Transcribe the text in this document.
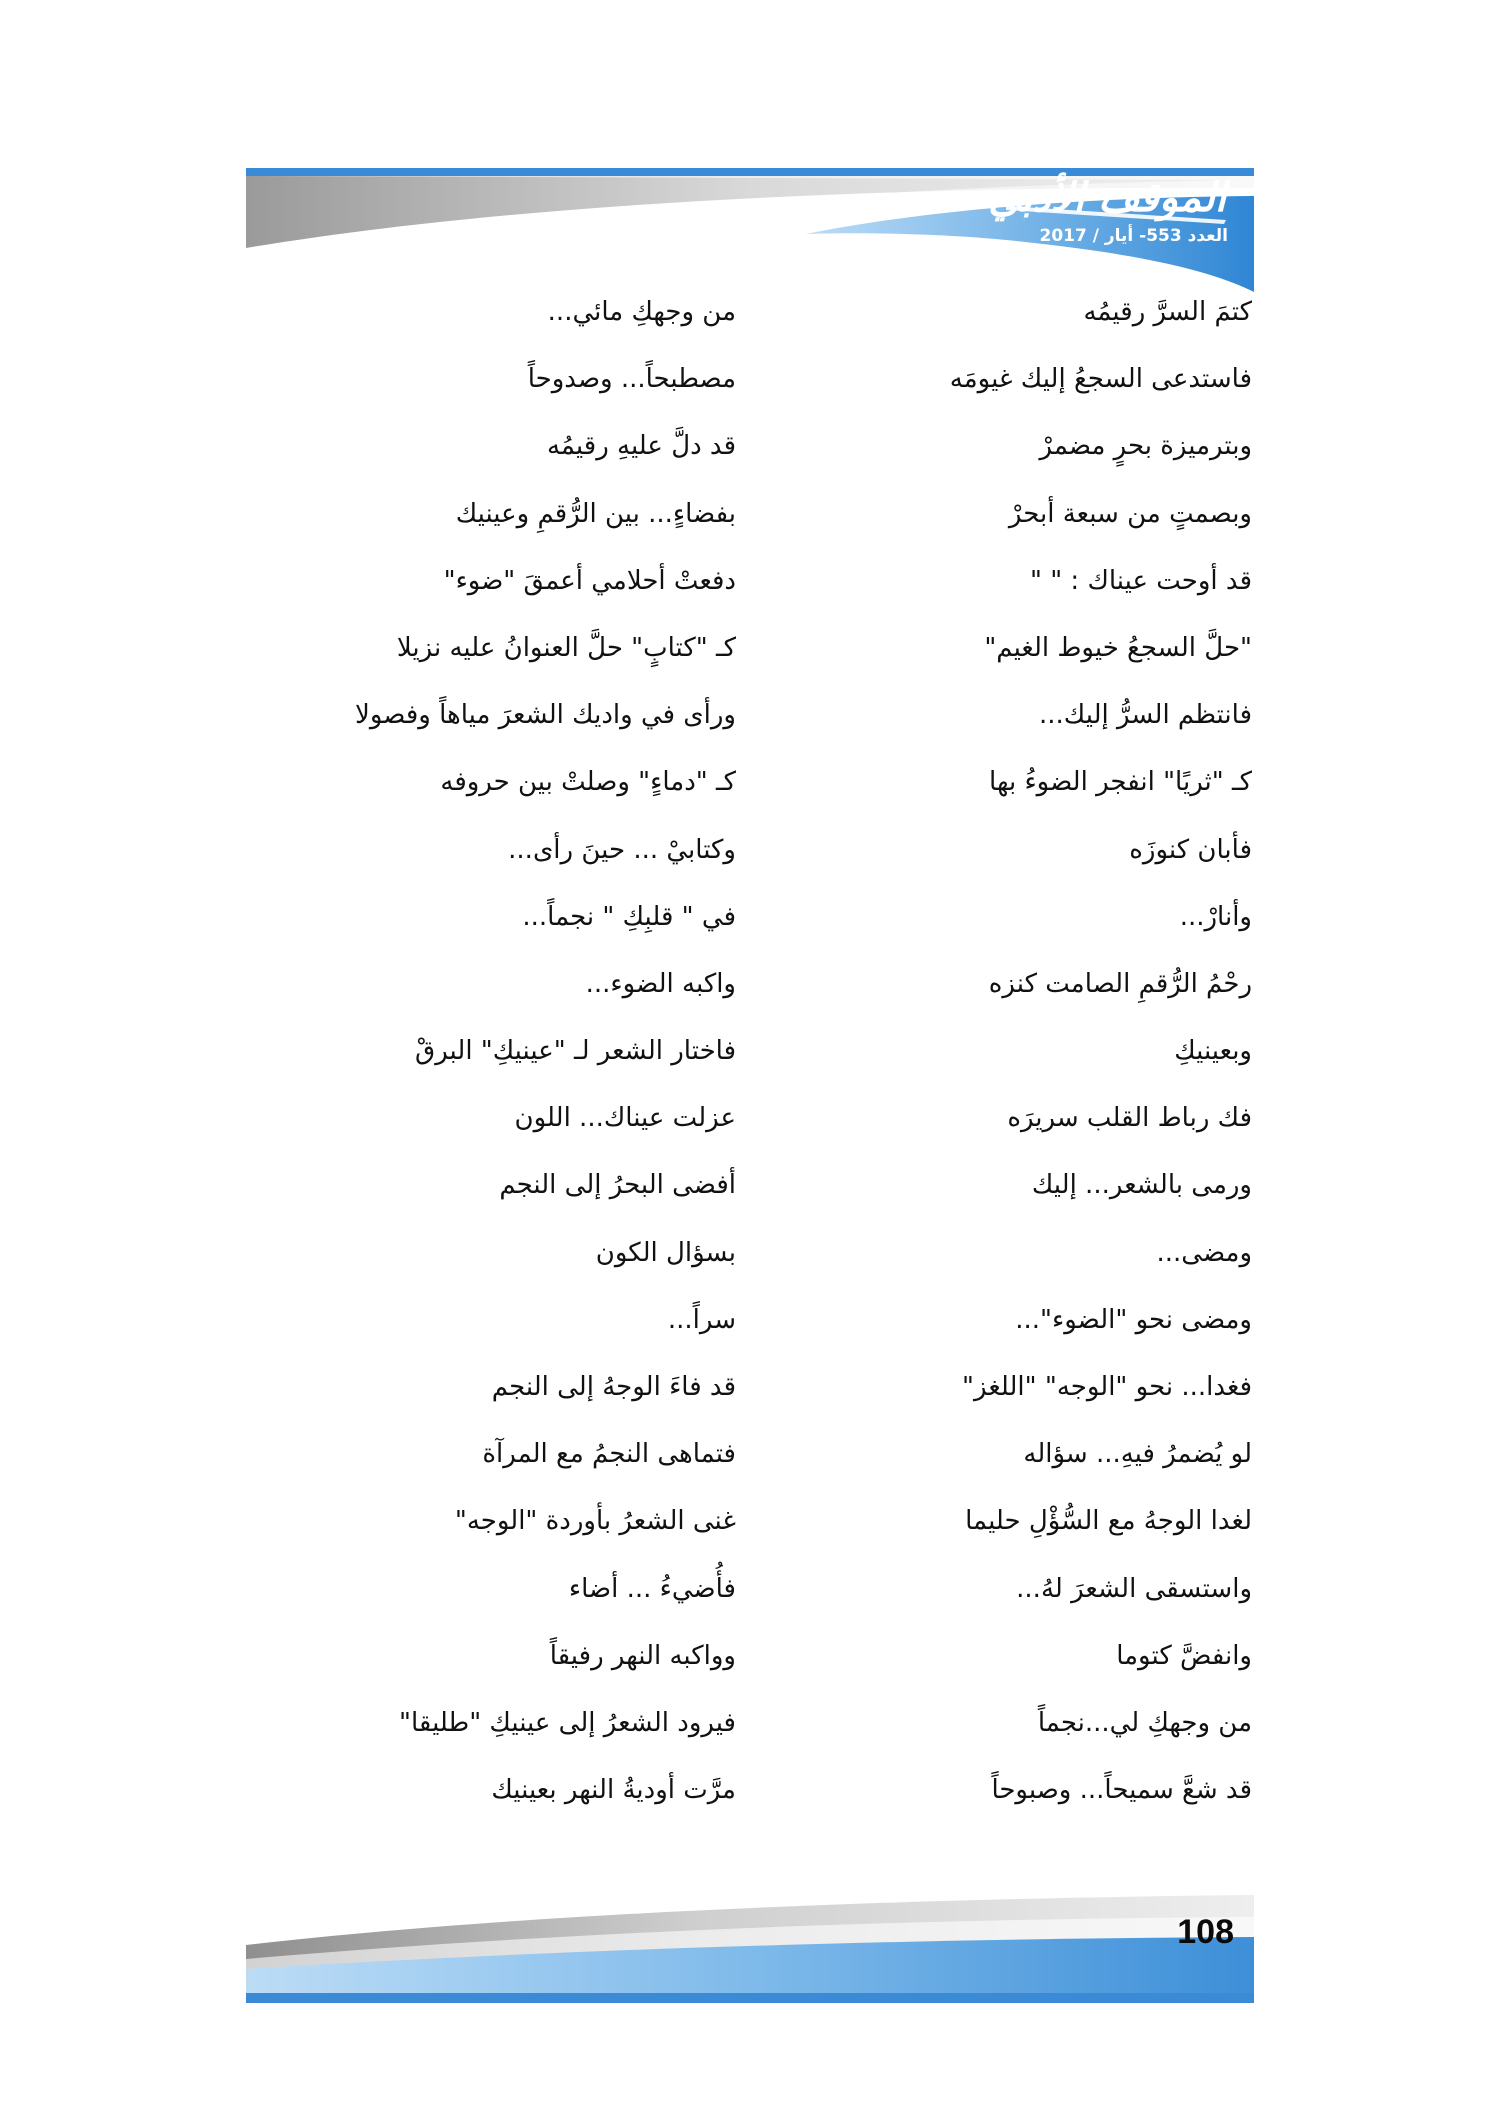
الموقف الأدبي
العدد 553- أيار / 2017
كتمَ السرَّ رقيمُه
من وجهكِ مائي...
فاستدعى السجعُ إليك غيومَه
مصطبحاً... وصدوحاً
وبترميزة بحرٍ مضمرْ
قد دلَّ عليهِ رقيمُه
وبصمتٍ من سبعة أبحرْ
بفضاءٍ... بين الرُّقمِ وعينيك
قد أوحت عيناك : " "
دفعتْ أحلامي أعمقَ "ضوء"
"حلَّ السجعُ خيوط الغيم"
كـ "كتابٍ" حلَّ العنوانُ عليه نزيلا
فانتظم السرُّ إليك...
ورأى في واديك الشعرَ مياهاً وفصولا
كـ "ثريًا" انفجر الضوءُ بها
كـ "دماءٍ" وصلتْ بين حروفه
فأبان كنوزَه
وكتابيْ ... حينَ رأى...
وأنارْ...
في " قلبِكِ " نجماً...
رحْمُ الرُّقمِ الصامت كنزه
واكبه الضوء...
وبعينيكِ
فاختار الشعر لـ "عينيكِ" البرقْ
فك رباط القلب سريرَه
عزلت عيناك... اللون
ورمى بالشعر... إليك
أفضى البحرُ إلى النجم
ومضى...
بسؤال الكون
ومضى نحو "الضوء"...
سراً...
فغدا... نحو "الوجه" "اللغز"
قد فاءَ الوجهُ إلى النجم
لو يُضمرُ فيهِ... سؤاله
فتماهى النجمُ مع المرآة
لغدا الوجهُ مع السُّؤْلِ حليما
غنى الشعرُ بأوردة "الوجه"
واستسقى الشعرَ لهُ...
فأُضيءُ ... أضاء
وانفضَّ كتوما
وواكبه النهر رفيقاً
من وجهكِ لي...نجماً
فيرود الشعرُ إلى عينيكِ "طليقا"
قد شعَّ سميحاً... وصبوحاً
مرَّت أوديةُ النهر بعينيك
108
